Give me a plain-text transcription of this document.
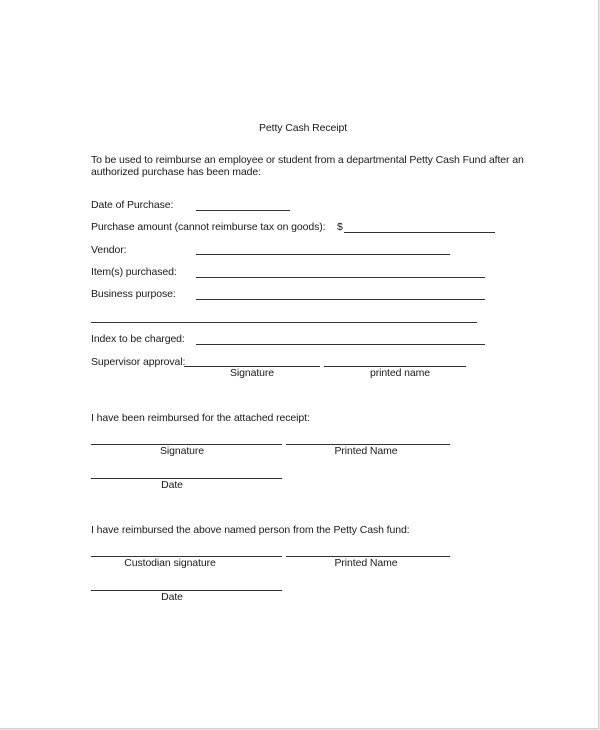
Petty Cash Receipt
To be used to reimburse an employee or student from a departmental Petty Cash Fund after an
authorized purchase has been made:
Date of Purchase:
Purchase amount (cannot reimburse tax on goods): $
Vendor:
Item(s) purchased:
Business purpose:
Index to be charged:
Supervisor approval:
Signature	printed name
I have been reimbursed for the attached receipt:
Signature	Printed Name
Date
I have reimbursed the above named person from the Petty Cash fund:
Custodian signature	Printed Name
Date
